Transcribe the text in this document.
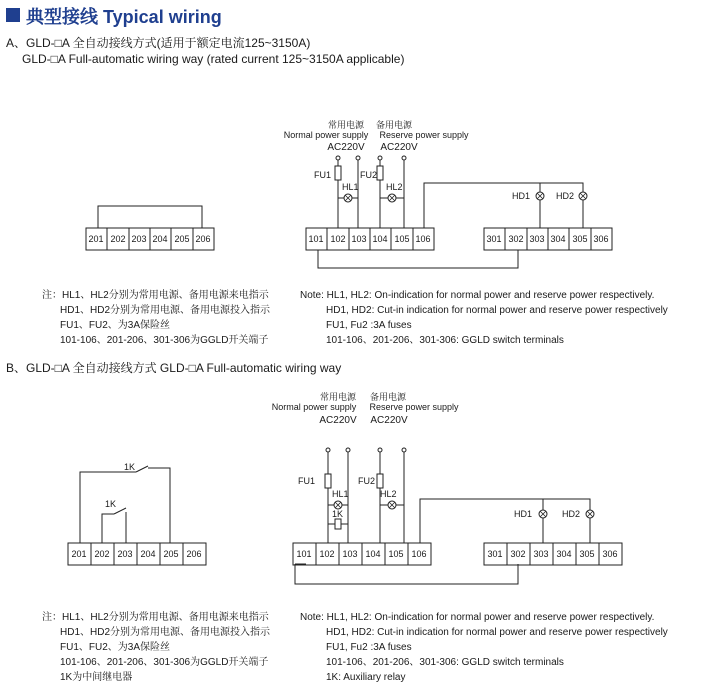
典型接线 Typical wiring
A、GLD-□A 全自动接线方式(适用于额定电流125~3150A)
GLD-□A Full-automatic wiring way (rated current 125~3150A applicable)
常用电源
Normal power supply
备用电源
Reserve power supply
AC220V AC220V
FU1	FU2
HL1	HL2
HD1	HD2
201 202 203 204 205 206	101 102 103 104 105 106	301 302 303 304 305 306
注：HL1、HL2分别为常用电源、备用电源来电指示
HD1、HD2分别为常用电源、备用电源投入指示
FU1、FU2、为3A保险丝
101-106、201-206、301-306为GGLD开关端子
Note: HL1, HL2: On-indication for normal power and reserve power respectively.
HD1, HD2: Cut-in indication for normal power and reserve power respectively
FU1, Fu2 :3A fuses
101-106、201-206、301-306: GGLD switch terminals
B、GLD-□A 全自动接线方式 GLD-□A Full-automatic wiring way
常用电源
Normal power supply
备用电源
Reserve power supply
AC220V AC220V
FU1	FU2
HL1	HL2
1K	HD1	HD2
1K
1K
201 202 203 204 205 206	101 102 103 104 105 106	301 302 303 304 305 306
注：HL1、HL2分别为常用电源、备用电源来电指示
HD1、HD2分别为常用电源、备用电源投入指示
FU1、FU2、为3A保险丝
101-106、201-206、301-306为GGLD开关端子
1K为中间继电器
Note: HL1, HL2: On-indication for normal power and reserve power respectively.
HD1, HD2: Cut-in indication for normal power and reserve power respectively
FU1, Fu2 :3A fuses
101-106、201-206、301-306: GGLD switch terminals
1K: Auxiliary relay
